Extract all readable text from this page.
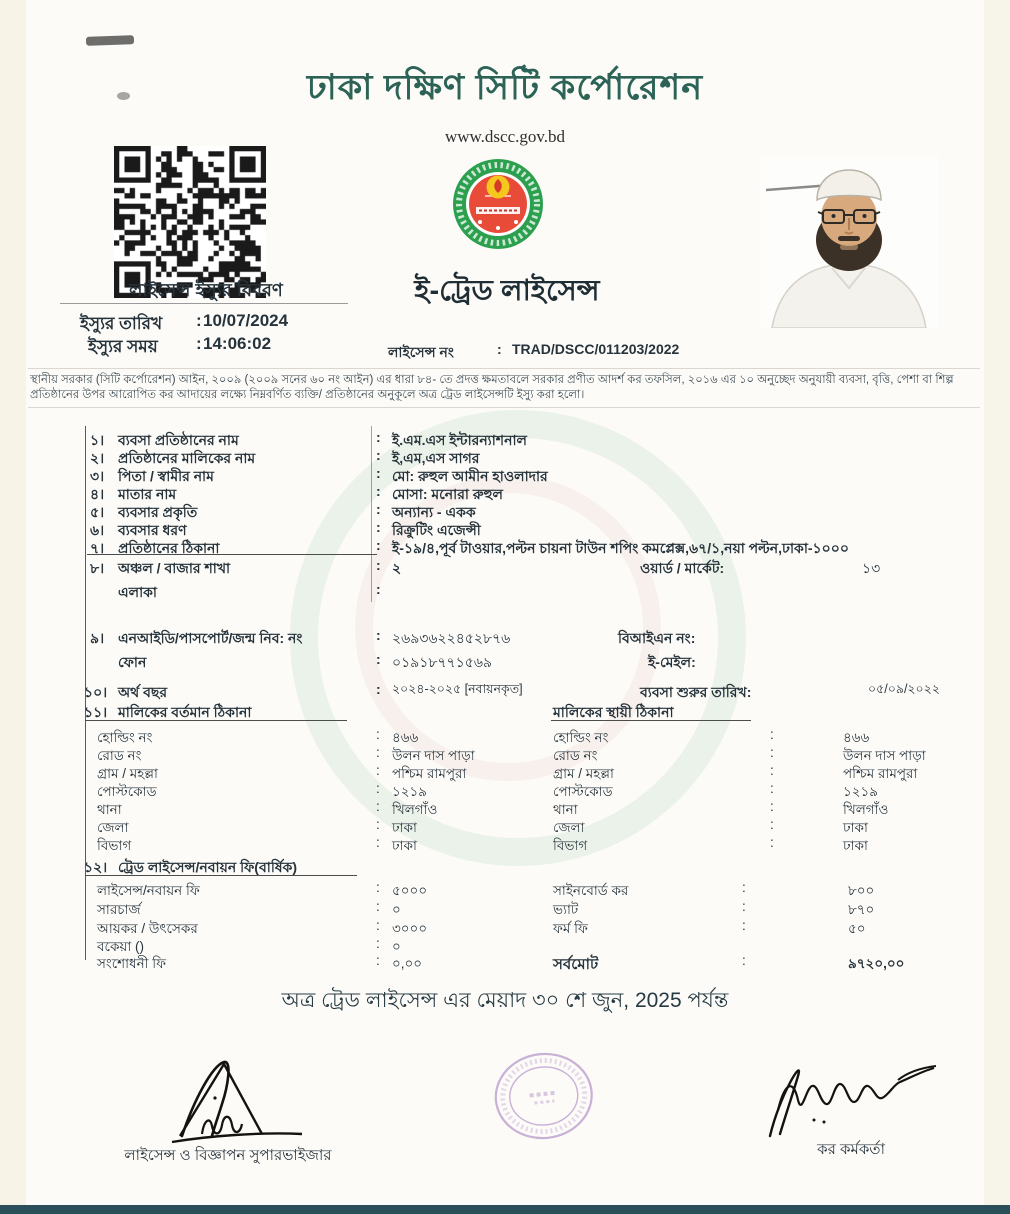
ঢাকা দক্ষিণ সিটি কর্পোরেশন
www.dscc.gov.bd
লাইসেন্স ইস্যুর বিবরণ
ইস্যুর তারিখ : 10/07/2024
ইস্যুর সময় : 14:06:02
ই-ট্রেড লাইসেন্স
লাইসেন্স নং	: TRAD/DSCC/011203/2022
স্থানীয় সরকার (সিটি কর্পোরেশন) আইন, ২০০৯ (২০০৯ সনের ৬০ নং আইন) এর ধারা ৮৪- তে প্রদত্ত ক্ষমতাবলে সরকার প্রণীত আদর্শ কর তফসিল, ২০১৬ এর ১০ অনুচ্ছেদ অনুযায়ী ব্যবসা, বৃত্তি, পেশা বা শিল্প প্রতিষ্ঠানের উপর আরোপিত কর আদায়ের লক্ষ্যে নিম্নবর্ণিত ব্যক্তি/ প্রতিষ্ঠানের অনুকূলে অত্র ট্রেড লাইসেন্সটি ইস্যু করা হলো।
১। ব্যবসা প্রতিষ্ঠানের নাম	: ই.এম.এস ইন্টারন্যাশনাল
২। প্রতিষ্ঠানের মালিকের নাম	: ই,এম,এস সাগর
৩। পিতা / স্বামীর নাম	: মো: রুহুল আমীন হাওলাদার
৪। মাতার নাম	: মোসা: মনোরা রুহুল
৫। ব্যবসার প্রকৃতি	: অন্যান্য - একক
৬। ব্যবসার ধরণ	: রিক্রুটিং এজেন্সী
৭। প্রতিষ্ঠানের ঠিকানা	: ই-১৯/৪,পূর্ব টাওয়ার,পল্টন চায়না টাউন শপিং কমপ্লেক্স,৬৭/১,নয়া পল্টন,ঢাকা-১০০০
৮। অঞ্চল / বাজার শাখা	: ২	ওয়ার্ড / মার্কেট:	১৩
এলাকা	:
৯। এনআইডি/পাসপোর্ট/জন্ম নিব: নং	: ২৬৯৩৬২২৪৫২৮৭৬	বিআইএন নং:
ফোন	: ০১৯১৮৭৭১৫৬৯	ই-মেইল:
১০। অর্থ বছর	: ২০২৪-২০২৫ [নবায়নকৃত]	ব্যবসা শুরুর তারিখ:	০৫/০৯/২০২২
১১। মালিকের বর্তমান ঠিকানা	মালিকের স্থায়ী ঠিকানা
হোল্ডিং নং	: ৪৬৬	হোল্ডিং নং	:	৪৬৬
রোড নং	: উলন দাস পাড়া	রোড নং	:	উলন দাস পাড়া
গ্রাম / মহল্লা	: পশ্চিম রামপুরা	গ্রাম / মহল্লা	:	পশ্চিম রামপুরা
পোস্টকোড	: ১২১৯	পোস্টকোড	:	১২১৯
থানা	: খিলগাঁও	থানা	:	খিলগাঁও
জেলা	: ঢাকা	জেলা	:	ঢাকা
বিভাগ	: ঢাকা	বিভাগ	:	ঢাকা
১২। ট্রেড লাইসেন্স/নবায়ন ফি(বার্ষিক)
লাইসেন্স/নবায়ন ফি	: ৫০০০	সাইনবোর্ড কর	:	৮০০
সারচার্জ	: ০	ভ্যাট	:	৮৭০
আয়কর / উৎসেকর	: ৩০০০	ফর্ম ফি	:	৫০
বকেয়া ()	: ০
সংশোধনী ফি	: ০,০০	সর্বমোট	:	৯৭২০,০০
অত্র ট্রেড লাইসেন্স এর মেয়াদ ৩০ শে জুন, 2025 পর্যন্ত
লাইসেন্স ও বিজ্ঞাপন সুপারভাইজার	কর কর্মকর্তা
